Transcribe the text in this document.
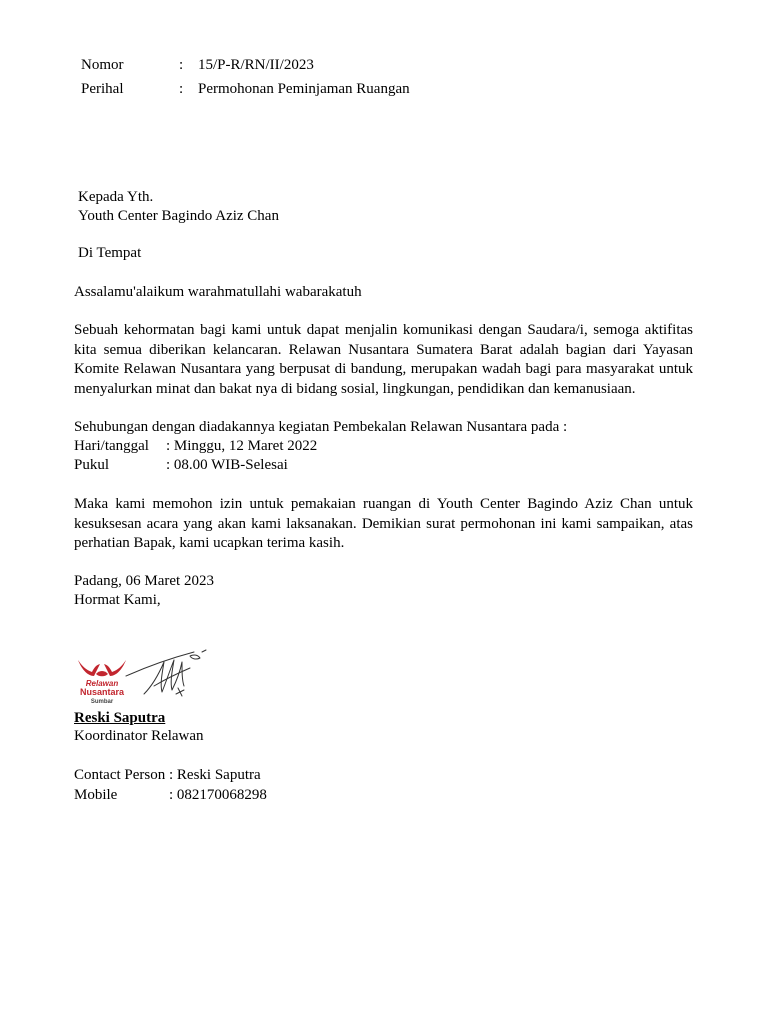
Nomor	: 15/P-R/RN/II/2023
Perihal	: Permohonan Peminjaman Ruangan
Kepada Yth.
Youth Center Bagindo Aziz Chan
Di Tempat
Assalamu'alaikum warahmatullahi wabarakatuh

Sebuah kehormatan bagi kami untuk dapat menjalin komunikasi dengan Saudara/i, semoga aktifitas kita semua diberikan kelancaran. Relawan Nusantara Sumatera Barat adalah bagian dari Yayasan Komite Relawan Nusantara yang berpusat di bandung, merupakan wadah bagi para masyarakat untuk menyalurkan minat dan bakat nya di bidang sosial, lingkungan, pendidikan dan kemanusiaan.

Sehubungan dengan diadakannya kegiatan Pembekalan Relawan Nusantara pada :
Hari/tanggal : Minggu, 12 Maret 2022
Pukul	: 08.00 WIB-Selesai

Maka kami memohon izin untuk pemakaian ruangan di Youth Center Bagindo Aziz Chan untuk kesuksesan acara yang akan kami laksanakan. Demikian surat permohonan ini kami sampaikan, atas perhatian Bapak, kami ucapkan terima kasih.

Padang, 06 Maret 2023
Hormat Kami,
Relawan
Nusantara
Sumbar
Reski Saputra
Koordinator Relawan
Contact Person : Reski Saputra
Mobile	: 082170068298
